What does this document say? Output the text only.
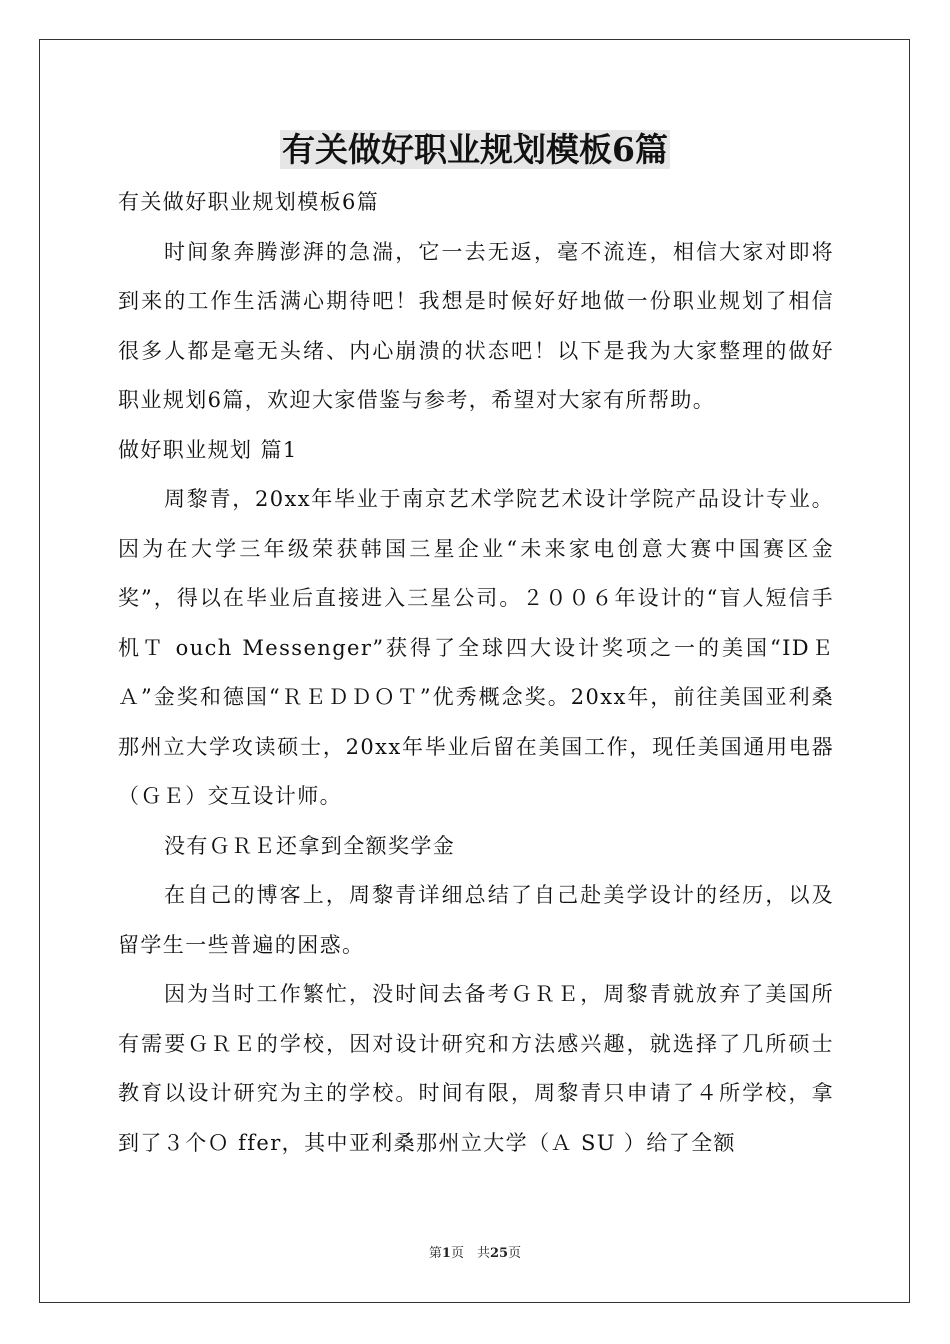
有关做好职业规划模板6篇

有关做好职业规划模板6篇

时间象奔腾澎湃的急湍，它一去无返，毫不流连，相信大家对即将到来的工作生活满心期待吧！我想是时候好好地做一份职业规划了相信很多人都是毫无头绪、内心崩溃的状态吧！以下是我为大家整理的做好职业规划6篇，欢迎大家借鉴与参考，希望对大家有所帮助。

做好职业规划 篇1

周黎青，20xx年毕业于南京艺术学院艺术设计学院产品设计专业。因为在大学三年级荣获韩国三星企业“未来家电创意大赛中国赛区金奖”，得以在毕业后直接进入三星公司。２００６年设计的“盲人短信手机Ｔ ouch Messenger”获得了全球四大设计奖项之一的美国“IDＥＡ”金奖和德国“ＲＥＤＤＯＴ”优秀概念奖。20xx年，前往美国亚利桑那州立大学攻读硕士，20xx年毕业后留在美国工作，现任美国通用电器（ＧＥ）交互设计师。

没有ＧＲＥ还拿到全额奖学金

在自己的博客上，周黎青详细总结了自己赴美学设计的经历，以及留学生一些普遍的困惑。

因为当时工作繁忙，没时间去备考ＧＲＥ，周黎青就放弃了美国所有需要ＧＲＥ的学校，因对设计研究和方法感兴趣，就选择了几所硕士教育以设计研究为主的学校。时间有限，周黎青只申请了４所学校，拿到了３个Ｏ ffer，其中亚利桑那州立大学（Ａ SU ）给了全额

第1页　共25页
